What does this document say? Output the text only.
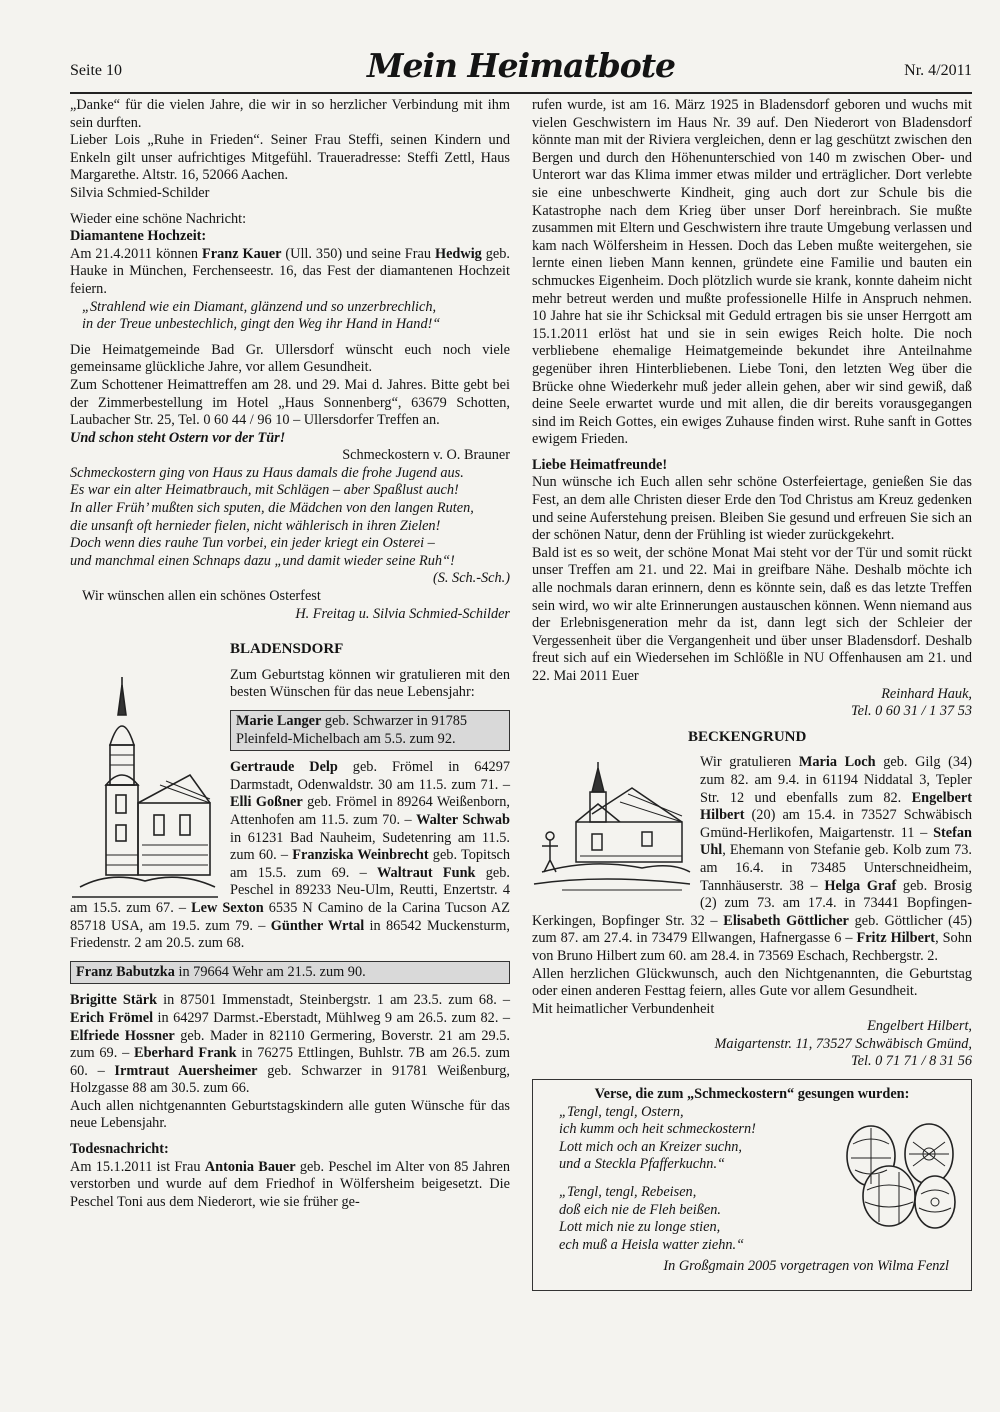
Seite 10	Mein Heimatbote	Nr. 4/2011

„Danke“ für die vielen Jahre, die wir in so herzlicher Verbindung mit ihm sein durften.

Lieber Lois „Ruhe in Frieden“. Seiner Frau Steffi, seinen Kindern und Enkeln gilt unser aufrichtiges Mitgefühl. Traueradresse: Steffi Zettl, Haus Margarethe. Altstr. 16, 52066 Aachen.

Silvia Schmied-Schilder

Wieder eine schöne Nachricht:

Diamantene Hochzeit:

Am 21.4.2011 können Franz Kauer (Ull. 350) und seine Frau Hedwig geb. Hauke in München, Ferchenseestr. 16, das Fest der diamantenen Hochzeit feiern.

„Strahlend wie ein Diamant, glänzend und so unzerbrechlich,

in der Treue unbestechlich, gingt den Weg ihr Hand in Hand!“

Die Heimatgemeinde Bad Gr. Ullersdorf wünscht euch noch viele gemeinsame glückliche Jahre, vor allem Gesundheit.

Zum Schottener Heimattreffen am 28. und 29. Mai d. Jahres. Bitte gebt bei der Zimmerbestellung im Hotel „Haus Sonnenberg“, 63679 Schotten, Laubacher Str. 25, Tel. 0 60 44 / 96 10 – Ullersdorfer Treffen an.

Und schon steht Ostern vor der Tür!

Schmeckostern v. O. Brauner

Schmeckostern ging von Haus zu Haus damals die frohe Jugend aus.

Es war ein alter Heimatbrauch, mit Schlägen – aber Spaßlust auch!

In aller Früh’ mußten sich sputen, die Mädchen von den langen Ruten,

die unsanft oft hernieder fielen, nicht wählerisch in ihren Zielen!

Doch wenn dies rauhe Tun vorbei, ein jeder kriegt ein Osterei –

und manchmal einen Schnaps dazu „und damit wieder seine Ruh“!

(S. Sch.-Sch.)

Wir wünschen allen ein schönes Osterfest

H. Freitag u. Silvia Schmied-Schilder

BLADENSDORF

Zum Geburtstag können wir gratulieren mit den besten Wünschen für das neue Lebensjahr:

Marie Langer geb. Schwarzer in 91785 Pleinfeld-Michelbach am 5.5. zum 92.

Gertraude Delp geb. Frömel in 64297 Darmstadt, Odenwaldstr. 30 am 11.5. zum 71. – Elli Goßner geb. Frömel in 89264 Weißenborn, Attenhofen am 11.5. zum 70. – Walter Schwab in 61231 Bad Nauheim, Sudetenring am 11.5. zum 60. – Franziska Weinbrecht geb. Topitsch am 15.5. zum 69. – Waltraut Funk geb. Peschel in 89233 Neu-Ulm, Reutti, Enzertstr. 4 am 15.5. zum 67. – Lew Sexton 6535 N Camino de la Carina Tucson AZ 85718 USA, am 19.5. zum 79. – Günther Wrtal in 86542 Muckensturm, Friedenstr. 2 am 20.5. zum 68.

Franz Babutzka in 79664 Wehr am 21.5. zum 90.

Brigitte Stärk in 87501 Immenstadt, Steinbergstr. 1 am 23.5. zum 68. – Erich Frömel in 64297 Darmst.-Eberstadt, Mühlweg 9 am 26.5. zum 82. – Elfriede Hossner geb. Mader in 82110 Germering, Boverstr. 21 am 29.5. zum 69. – Eberhard Frank in 76275 Ettlingen, Buhlstr. 7B am 26.5. zum 60. – Irmtraut Auersheimer geb. Schwarzer in 91781 Weißenburg, Holzgasse 88 am 30.5. zum 66.

Auch allen nichtgenannten Geburtstagskindern alle guten Wünsche für das neue Lebensjahr.

Todesnachricht:

Am 15.1.2011 ist Frau Antonia Bauer geb. Peschel im Alter von 85 Jahren verstorben und wurde auf dem Friedhof in Wölfersheim beigesetzt. Die Peschel Toni aus dem Niederort, wie sie früher ge-

rufen wurde, ist am 16. März 1925 in Bladensdorf geboren und wuchs mit vielen Geschwistern im Haus Nr. 39 auf. Den Niederort von Bladensdorf könnte man mit der Riviera vergleichen, denn er lag geschützt zwischen den Bergen und durch den Höhenunterschied von 140 m zwischen Ober- und Unterort war das Klima immer etwas milder und erträglicher. Dort verlebte sie eine unbeschwerte Kindheit, ging auch dort zur Schule bis die Katastrophe nach dem Krieg über unser Dorf hereinbrach. Sie mußte zusammen mit Eltern und Geschwistern ihre traute Umgebung verlassen und kam nach Wölfersheim in Hessen. Doch das Leben mußte weitergehen, sie lernte einen lieben Mann kennen, gründete eine Familie und bauten ein schmuckes Eigenheim. Doch plötzlich wurde sie krank, konnte daheim nicht mehr betreut werden und mußte professionelle Hilfe in Anspruch nehmen. 10 Jahre hat sie ihr Schicksal mit Geduld ertragen bis sie unser Herrgott am 15.1.2011 erlöst hat und sie in sein ewiges Reich holte. Die noch verbliebene ehemalige Heimatgemeinde bekundet ihre Anteilnahme gegenüber ihren Hinterbliebenen. Liebe Toni, den letzten Weg über die Brücke ohne Wiederkehr muß jeder allein gehen, aber wir sind gewiß, daß deine Seele erwartet wurde und mit allen, die dir bereits vorausgegangen sind im Reich Gottes, ein ewiges Zuhause finden wirst. Ruhe sanft in Gottes ewigem Frieden.

Liebe Heimatfreunde!

Nun wünsche ich Euch allen sehr schöne Osterfeiertage, genießen Sie das Fest, an dem alle Christen dieser Erde den Tod Christus am Kreuz gedenken und seine Auferstehung preisen. Bleiben Sie gesund und erfreuen Sie sich an der schönen Natur, denn der Frühling ist wieder zurückgekehrt.

Bald ist es so weit, der schöne Monat Mai steht vor der Tür und somit rückt unser Treffen am 21. und 22. Mai in greifbare Nähe. Deshalb möchte ich alle nochmals daran erinnern, denn es könnte sein, daß es das letzte Treffen sein wird, wo wir alte Erinnerungen austauschen können. Wenn niemand aus der Erlebnisgeneration mehr da ist, dann legt sich der Schleier der Vergessenheit über die Vergangenheit und über unser Bladensdorf. Deshalb freut sich auf ein Wiedersehen im Schlößle in NU Offenhausen am 21. und 22. Mai 2011 Euer

Reinhard Hauk,

Tel. 0 60 31 / 1 37 53

BECKENGRUND

Wir gratulieren Maria Loch geb. Gilg (34) zum 82. am 9.4. in 61194 Niddatal 3, Tepler Str. 12 und ebenfalls zum 82. Engelbert Hilbert (20) am 15.4. in 73527 Schwäbisch Gmünd-Herlikofen, Maigartenstr. 11 – Stefan Uhl, Ehemann von Stefanie geb. Kolb zum 73. am 16.4. in 73485 Unterschneidheim, Tannhäuserstr. 38 – Helga Graf geb. Brosig (2) zum 73. am 17.4. in 73441 Bopfingen-Kerkingen, Bopfinger Str. 32 – Elisabeth Göttlicher geb. Göttlicher (45) zum 87. am 27.4. in 73479 Ellwangen, Hafnergasse 6 – Fritz Hilbert, Sohn von Bruno Hilbert zum 60. am 28.4. in 73569 Eschach, Rechbergstr. 2.

Allen herzlichen Glückwunsch, auch den Nichtgenannten, die Geburtstag oder einen anderen Festtag feiern, alles Gute vor allem Gesundheit.

Mit heimatlicher Verbundenheit

Engelbert Hilbert,

Maigartenstr. 11, 73527 Schwäbisch Gmünd,

Tel. 0 71 71 / 8 31 56

Verse, die zum „Schmeckostern“ gesungen wurden:

„Tengl, tengl, Ostern,

ich kumm och heit schmeckostern!

Lott mich och an Kreizer suchn,

und a Steckla Pfafferkuchn.“

„Tengl, tengl, Rebeisen,

doß eich nie de Fleh beißen.

Lott mich nie zu longe stien,

ech muß a Heisla watter ziehn.“

In Großgmain 2005 vorgetragen von Wilma Fenzl
